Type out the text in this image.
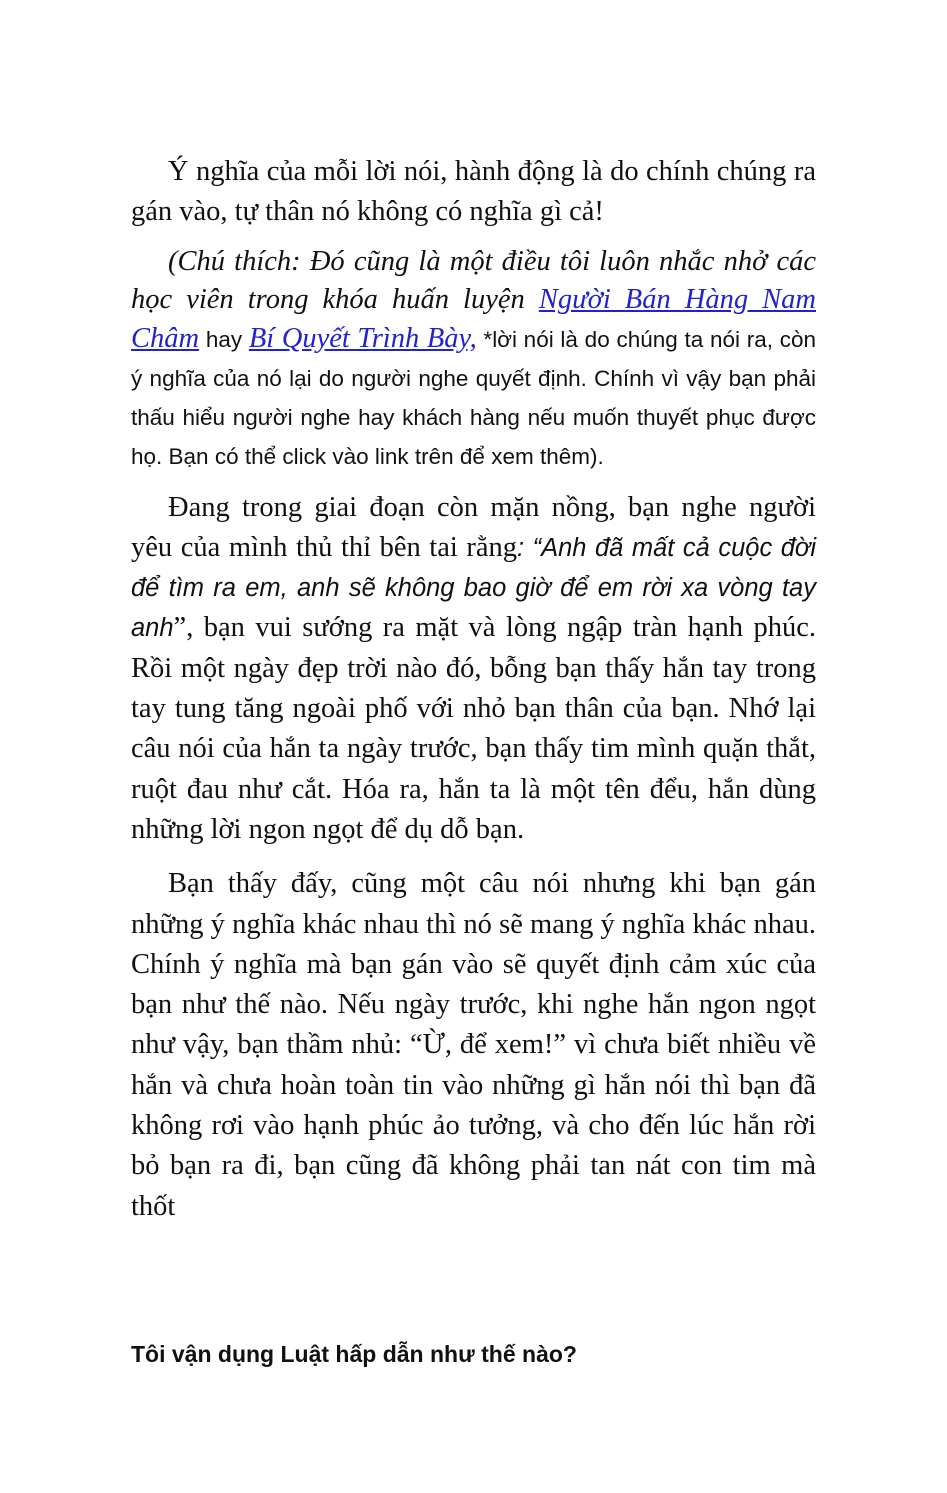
Ý nghĩa của mỗi lời nói, hành động là do chính chúng ra gán vào, tự thân nó không có nghĩa gì cả!

(Chú thích: Đó cũng là một điều tôi luôn nhắc nhở các học viên trong khóa huấn luyện Người Bán Hàng Nam Châm hay Bí Quyết Trình Bày, *lời nói là do chúng ta nói ra, còn ý nghĩa của nó lại do người nghe quyết định. Chính vì vậy bạn phải thấu hiểu người nghe hay khách hàng nếu muốn thuyết phục được họ. Bạn có thể click vào link trên để xem thêm).

Đang trong giai đoạn còn mặn nồng, bạn nghe người yêu của mình thủ thỉ bên tai rằng: “Anh đã mất cả cuộc đời để tìm ra em, anh sẽ không bao giờ để em rời xa vòng tay anh”, bạn vui sướng ra mặt và lòng ngập tràn hạnh phúc. Rồi một ngày đẹp trời nào đó, bỗng bạn thấy hắn tay trong tay tung tăng ngoài phố với nhỏ bạn thân của bạn. Nhớ lại câu nói của hắn ta ngày trước, bạn thấy tim mình quặn thắt, ruột đau như cắt. Hóa ra, hắn ta là một tên đểu, hắn dùng những lời ngon ngọt để dụ dỗ bạn.

Bạn thấy đấy, cũng một câu nói nhưng khi bạn gán những ý nghĩa khác nhau thì nó sẽ mang ý nghĩa khác nhau. Chính ý nghĩa mà bạn gán vào sẽ quyết định cảm xúc của bạn như thế nào. Nếu ngày trước, khi nghe hắn ngon ngọt như vậy, bạn thầm nhủ: “Ừ, để xem!” vì chưa biết nhiều về hắn và chưa hoàn toàn tin vào những gì hắn nói thì bạn đã không rơi vào hạnh phúc ảo tưởng, và cho đến lúc hắn rời bỏ bạn ra đi, bạn cũng đã không phải tan nát con tim mà thốt

Tôi vận dụng Luật hấp dẫn như thế nào?
